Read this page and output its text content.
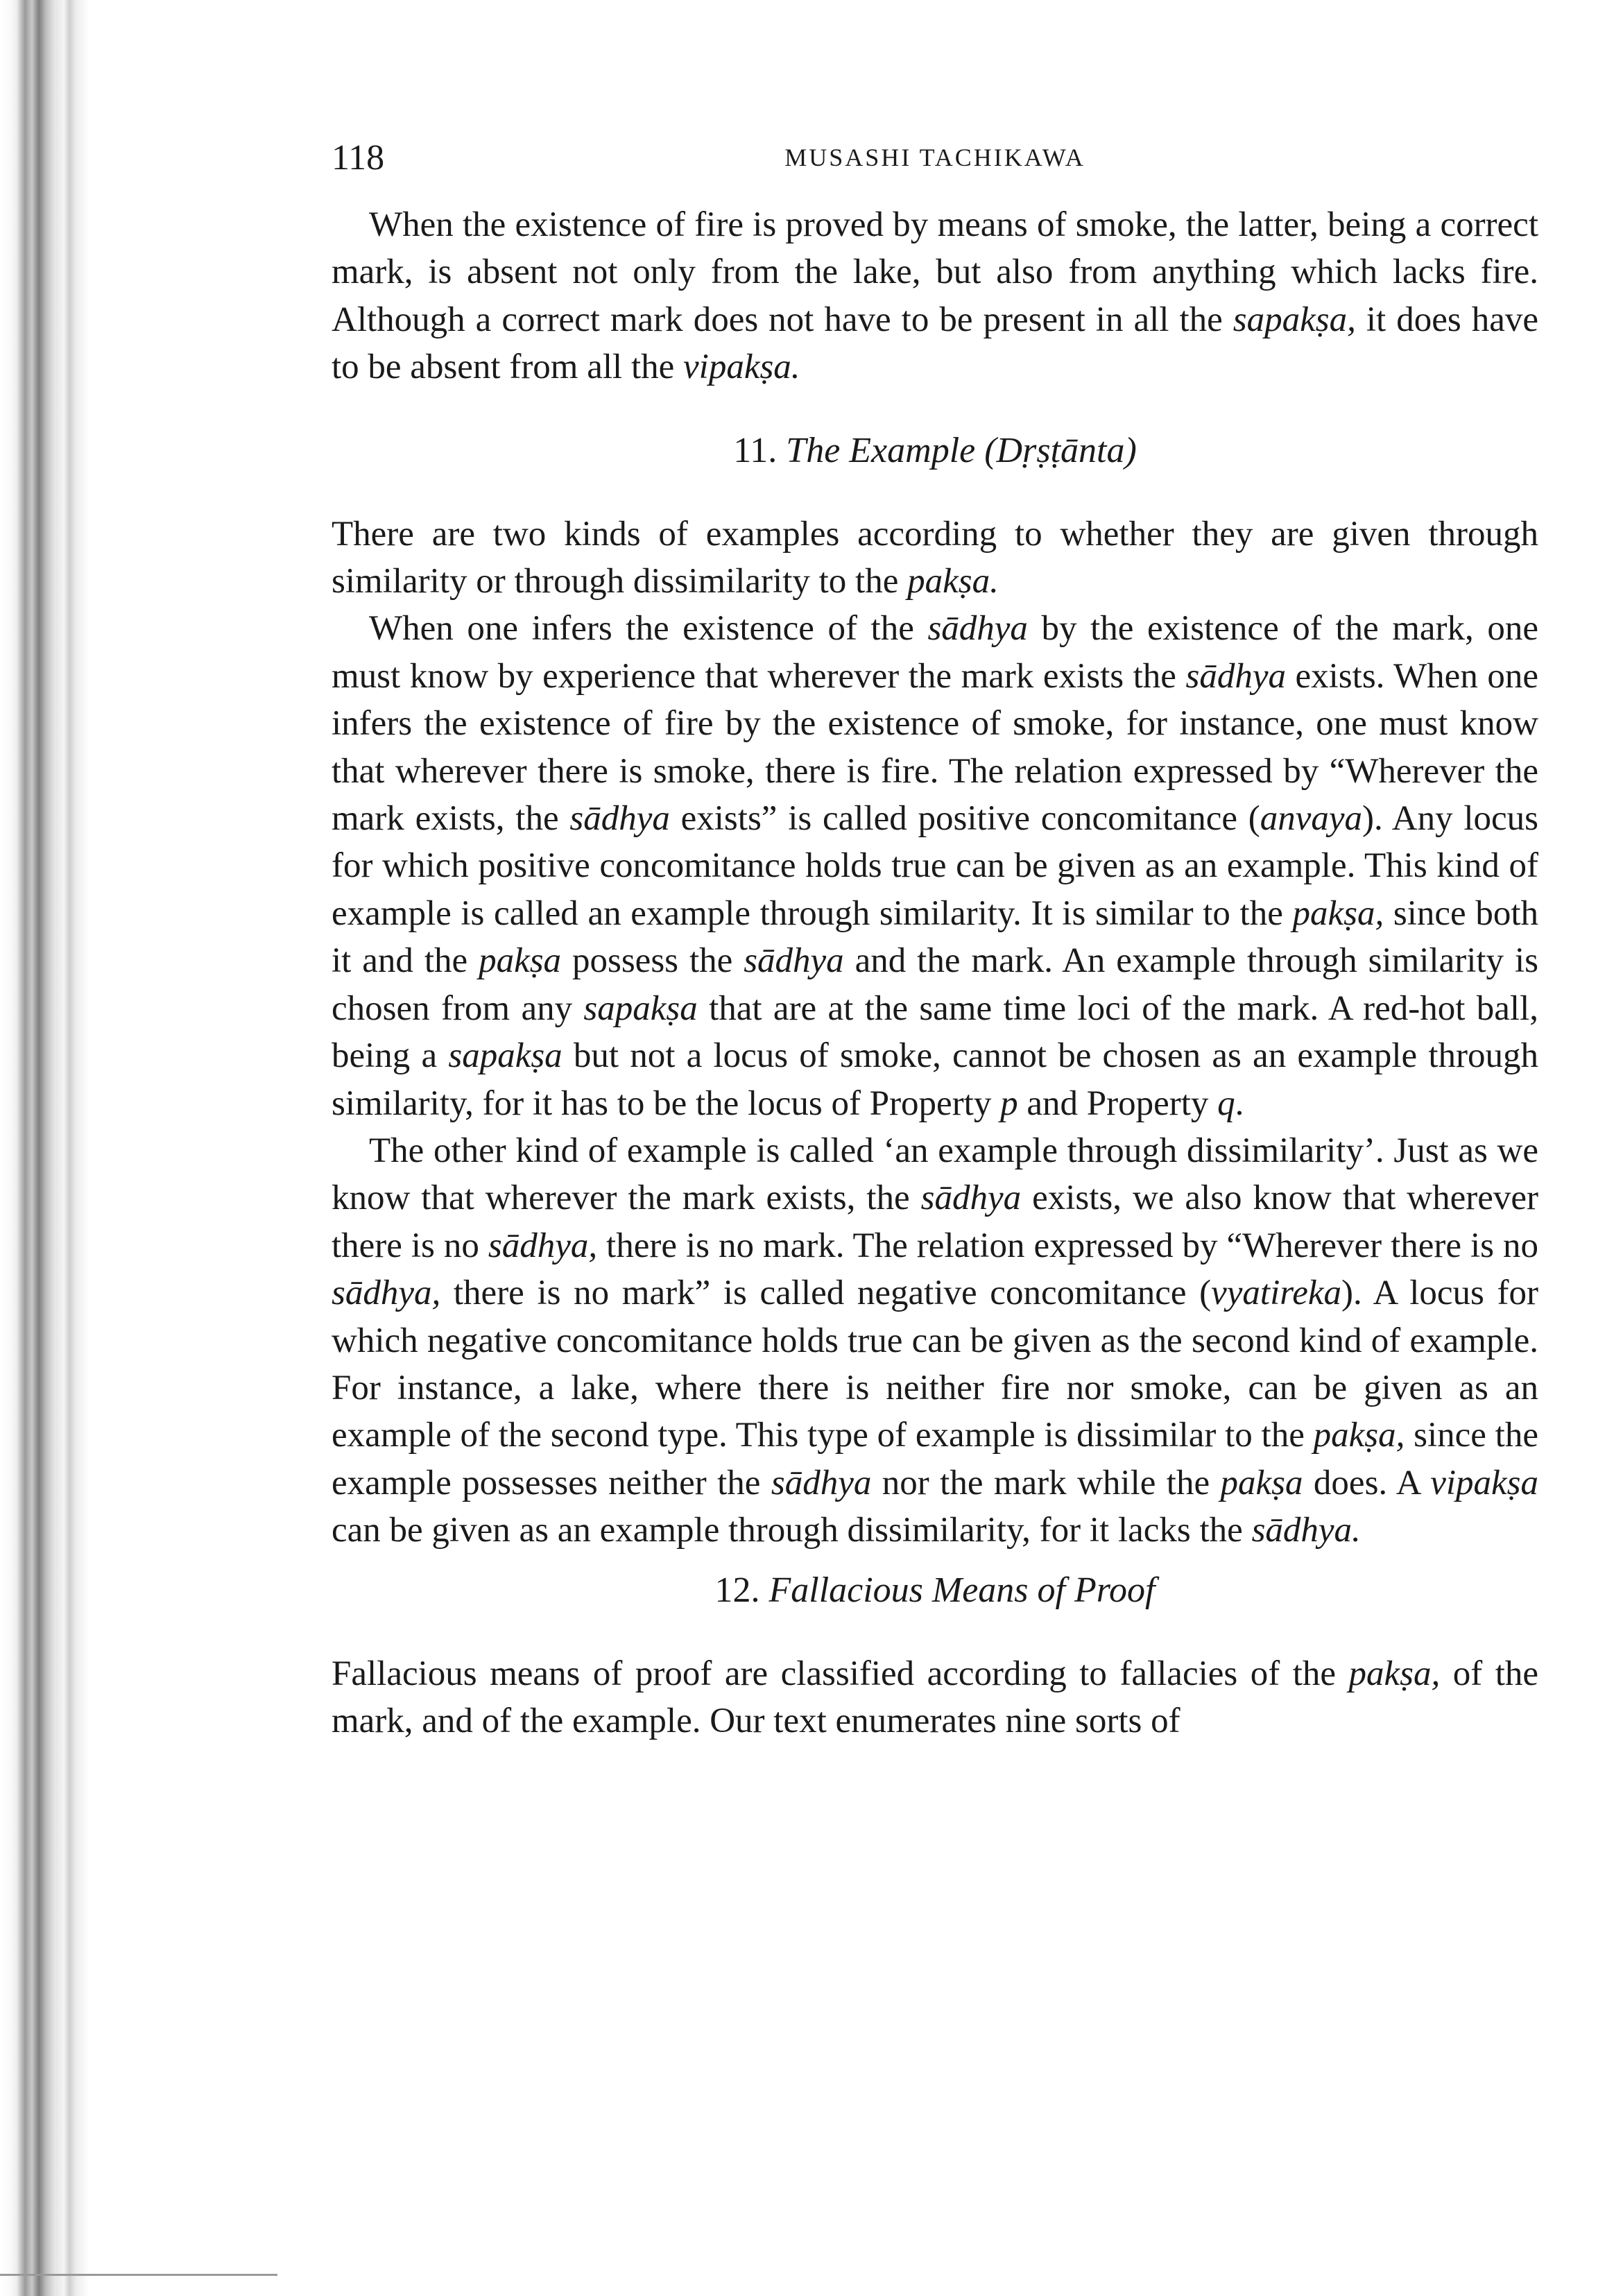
118	MUSASHI TACHIKAWA

When the existence of fire is proved by means of smoke, the latter, being a correct mark, is absent not only from the lake, but also from anything which lacks fire. Although a correct mark does not have to be present in all the sapakṣa, it does have to be absent from all the vipakṣa.

11. The Example (Dṛṣṭānta)

There are two kinds of examples according to whether they are given through similarity or through dissimilarity to the pakṣa.

When one infers the existence of the sādhya by the existence of the mark, one must know by experience that wherever the mark exists the sādhya exists. When one infers the existence of fire by the existence of smoke, for instance, one must know that wherever there is smoke, there is fire. The relation expressed by “Wherever the mark exists, the sādhya exists” is called positive concomitance (anvaya). Any locus for which positive concomitance holds true can be given as an example. This kind of example is called an example through similarity. It is similar to the pakṣa, since both it and the pakṣa possess the sādhya and the mark. An example through similarity is chosen from any sapakṣa that are at the same time loci of the mark. A red-hot ball, being a sapakṣa but not a locus of smoke, cannot be chosen as an example through similarity, for it has to be the locus of Property p and Property q.

The other kind of example is called ‘an example through dissimilarity’. Just as we know that wherever the mark exists, the sādhya exists, we also know that wherever there is no sādhya, there is no mark. The relation expressed by “Wherever there is no sādhya, there is no mark” is called negative concomitance (vyatireka). A locus for which negative concomitance holds true can be given as the second kind of example. For instance, a lake, where there is neither fire nor smoke, can be given as an example of the second type. This type of example is dissimilar to the pakṣa, since the example possesses neither the sādhya nor the mark while the pakṣa does. A vipakṣa can be given as an example through dissimilarity, for it lacks the sādhya.

12. Fallacious Means of Proof

Fallacious means of proof are classified according to fallacies of the pakṣa, of the mark, and of the example. Our text enumerates nine sorts of
